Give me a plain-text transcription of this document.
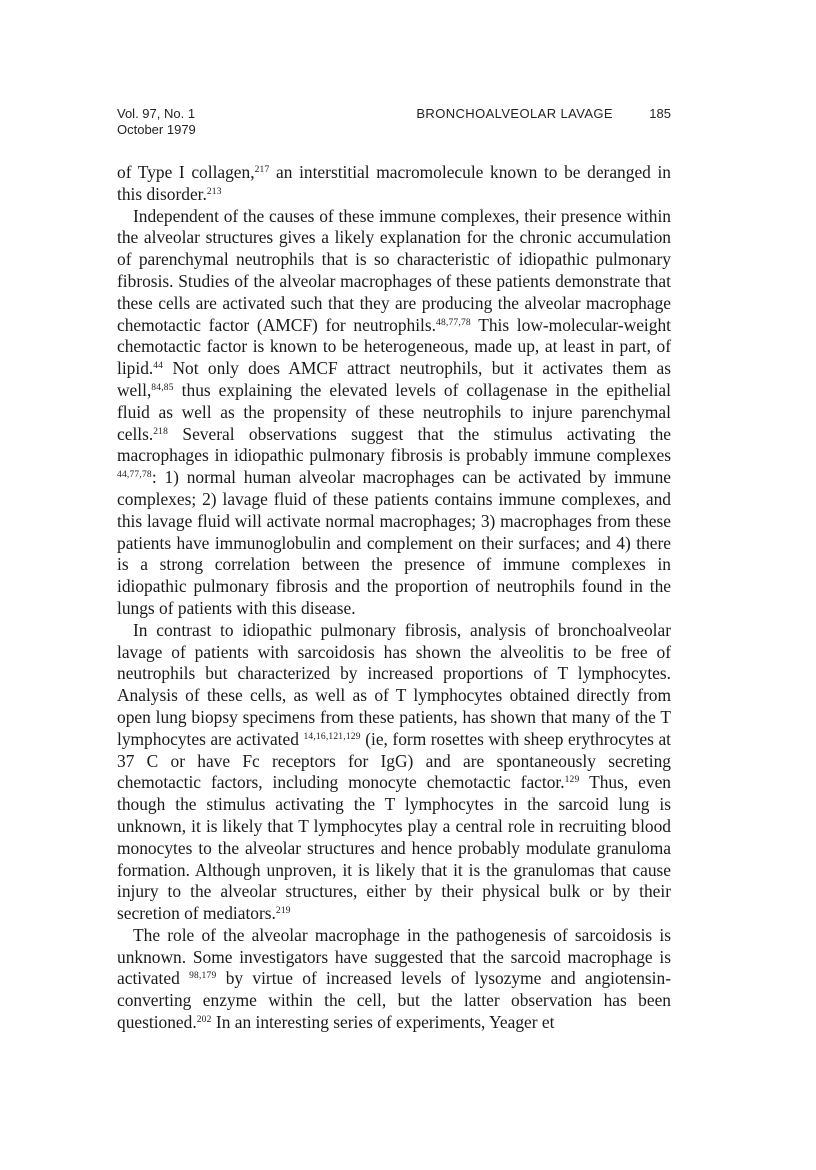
Vol. 97, No. 1
October 1979
BRONCHOALVEOLAR LAVAGE	185

of Type I collagen,$^{217}$ an interstitial macromolecule known to be deranged in this disorder.$^{213}$

Independent of the causes of these immune complexes, their presence within the alveolar structures gives a likely explanation for the chronic accumulation of parenchymal neutrophils that is so characteristic of idiopathic pulmonary fibrosis. Studies of the alveolar macrophages of these patients demonstrate that these cells are activated such that they are producing the alveolar macrophage chemotactic factor (AMCF) for neutrophils.$^{48,77,78}$ This low-molecular-weight chemotactic factor is known to be heterogeneous, made up, at least in part, of lipid.$^{44}$ Not only does AMCF attract neutrophils, but it activates them as well,$^{84,85}$ thus explaining the elevated levels of collagenase in the epithelial fluid as well as the propensity of these neutrophils to injure parenchymal cells.$^{218}$ Several observations suggest that the stimulus activating the macrophages in idiopathic pulmonary fibrosis is probably immune complexes $^{44,77,78}$: 1) normal human alveolar macrophages can be activated by immune complexes; 2) lavage fluid of these patients contains immune complexes, and this lavage fluid will activate normal macrophages; 3) macrophages from these patients have immunoglobulin and complement on their surfaces; and 4) there is a strong correlation between the presence of immune complexes in idiopathic pulmonary fibrosis and the proportion of neutrophils found in the lungs of patients with this disease.

In contrast to idiopathic pulmonary fibrosis, analysis of bronchoalveolar lavage of patients with sarcoidosis has shown the alveolitis to be free of neutrophils but characterized by increased proportions of T lymphocytes. Analysis of these cells, as well as of T lymphocytes obtained directly from open lung biopsy specimens from these patients, has shown that many of the T lymphocytes are activated $^{14,16,121,129}$ (ie, form rosettes with sheep erythrocytes at 37 C or have Fc receptors for IgG) and are spontaneously secreting chemotactic factors, including monocyte chemotactic factor.$^{129}$ Thus, even though the stimulus activating the T lymphocytes in the sarcoid lung is unknown, it is likely that T lymphocytes play a central role in recruiting blood monocytes to the alveolar structures and hence probably modulate granuloma formation. Although unproven, it is likely that it is the granulomas that cause injury to the alveolar structures, either by their physical bulk or by their secretion of mediators.$^{219}$

The role of the alveolar macrophage in the pathogenesis of sarcoidosis is unknown. Some investigators have suggested that the sarcoid macrophage is activated $^{98,179}$ by virtue of increased levels of lysozyme and angiotensin-converting enzyme within the cell, but the latter observation has been questioned.$^{202}$ In an interesting series of experiments, Yeager et
